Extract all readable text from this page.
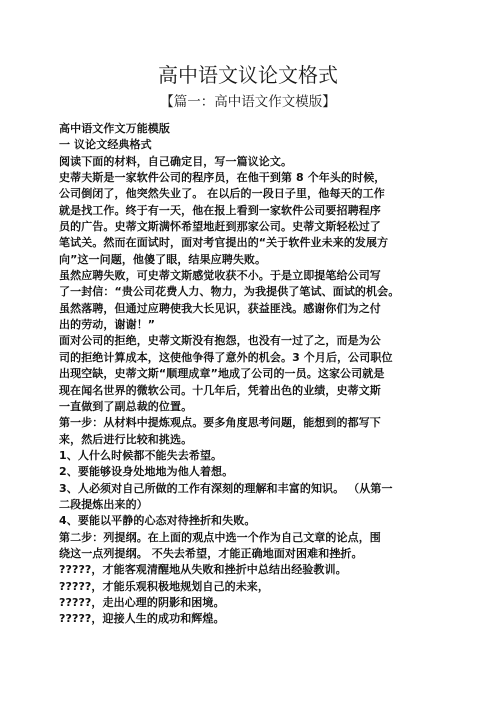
高中语文议论文格式
【篇一：高中语文作文模版】
高中语文作文万能模版
一 议论文经典格式
阅读下面的材料，自己确定目，写一篇议论文。
史蒂夫斯是一家软件公司的程序员，在他干到第 8 个年头的时候，
公司倒闭了，他突然失业了。 在以后的一段日子里，他每天的工作
就是找工作。终于有一天，他在报上看到一家软件公司要招聘程序
员的广告。史蒂文斯满怀希望地赶到那家公司。史蒂文斯轻松过了
笔试关。然而在面试时，面对考官提出的“关于软件业未来的发展方
向”这一问题，他傻了眼，结果应聘失败。
虽然应聘失败，可史蒂文斯感觉收获不小。于是立即提笔给公司写
了一封信：“贵公司花费人力、物力，为我提供了笔试、面试的机会。
虽然落聘，但通过应聘使我大长见识，获益匪浅。感谢你们为之付
出的劳动，谢谢！”
面对公司的拒绝，史蒂文斯没有抱怨，也没有一过了之，而是为公
司的拒绝计算成本，这使他争得了意外的机会。3 个月后，公司职位
出现空缺，史蒂文斯“顺理成章”地成了公司的一员。这家公司就是
现在闻名世界的微软公司。十几年后，凭着出色的业绩，史蒂文斯
一直做到了副总裁的位置。
第一步：从材料中提炼观点。要多角度思考问题，能想到的都写下
来，然后进行比较和挑选。
1、人什么时候都不能失去希望。
2、要能够设身处地地为他人着想。
3、人必须对自己所做的工作有深刻的理解和丰富的知识。 （从第一
二段提炼出来的）
4、要能以平静的心态对待挫折和失败。
第二步：列提纲。在上面的观点中选一个作为自己文章的论点，围
绕这一点列提纲。 不失去希望，才能正确地面对困难和挫折。
?????，才能客观清醒地从失败和挫折中总结出经验教训。
?????，才能乐观积极地规划自己的未来，
?????，走出心理的阴影和困境。
?????，迎接人生的成功和辉煌。
